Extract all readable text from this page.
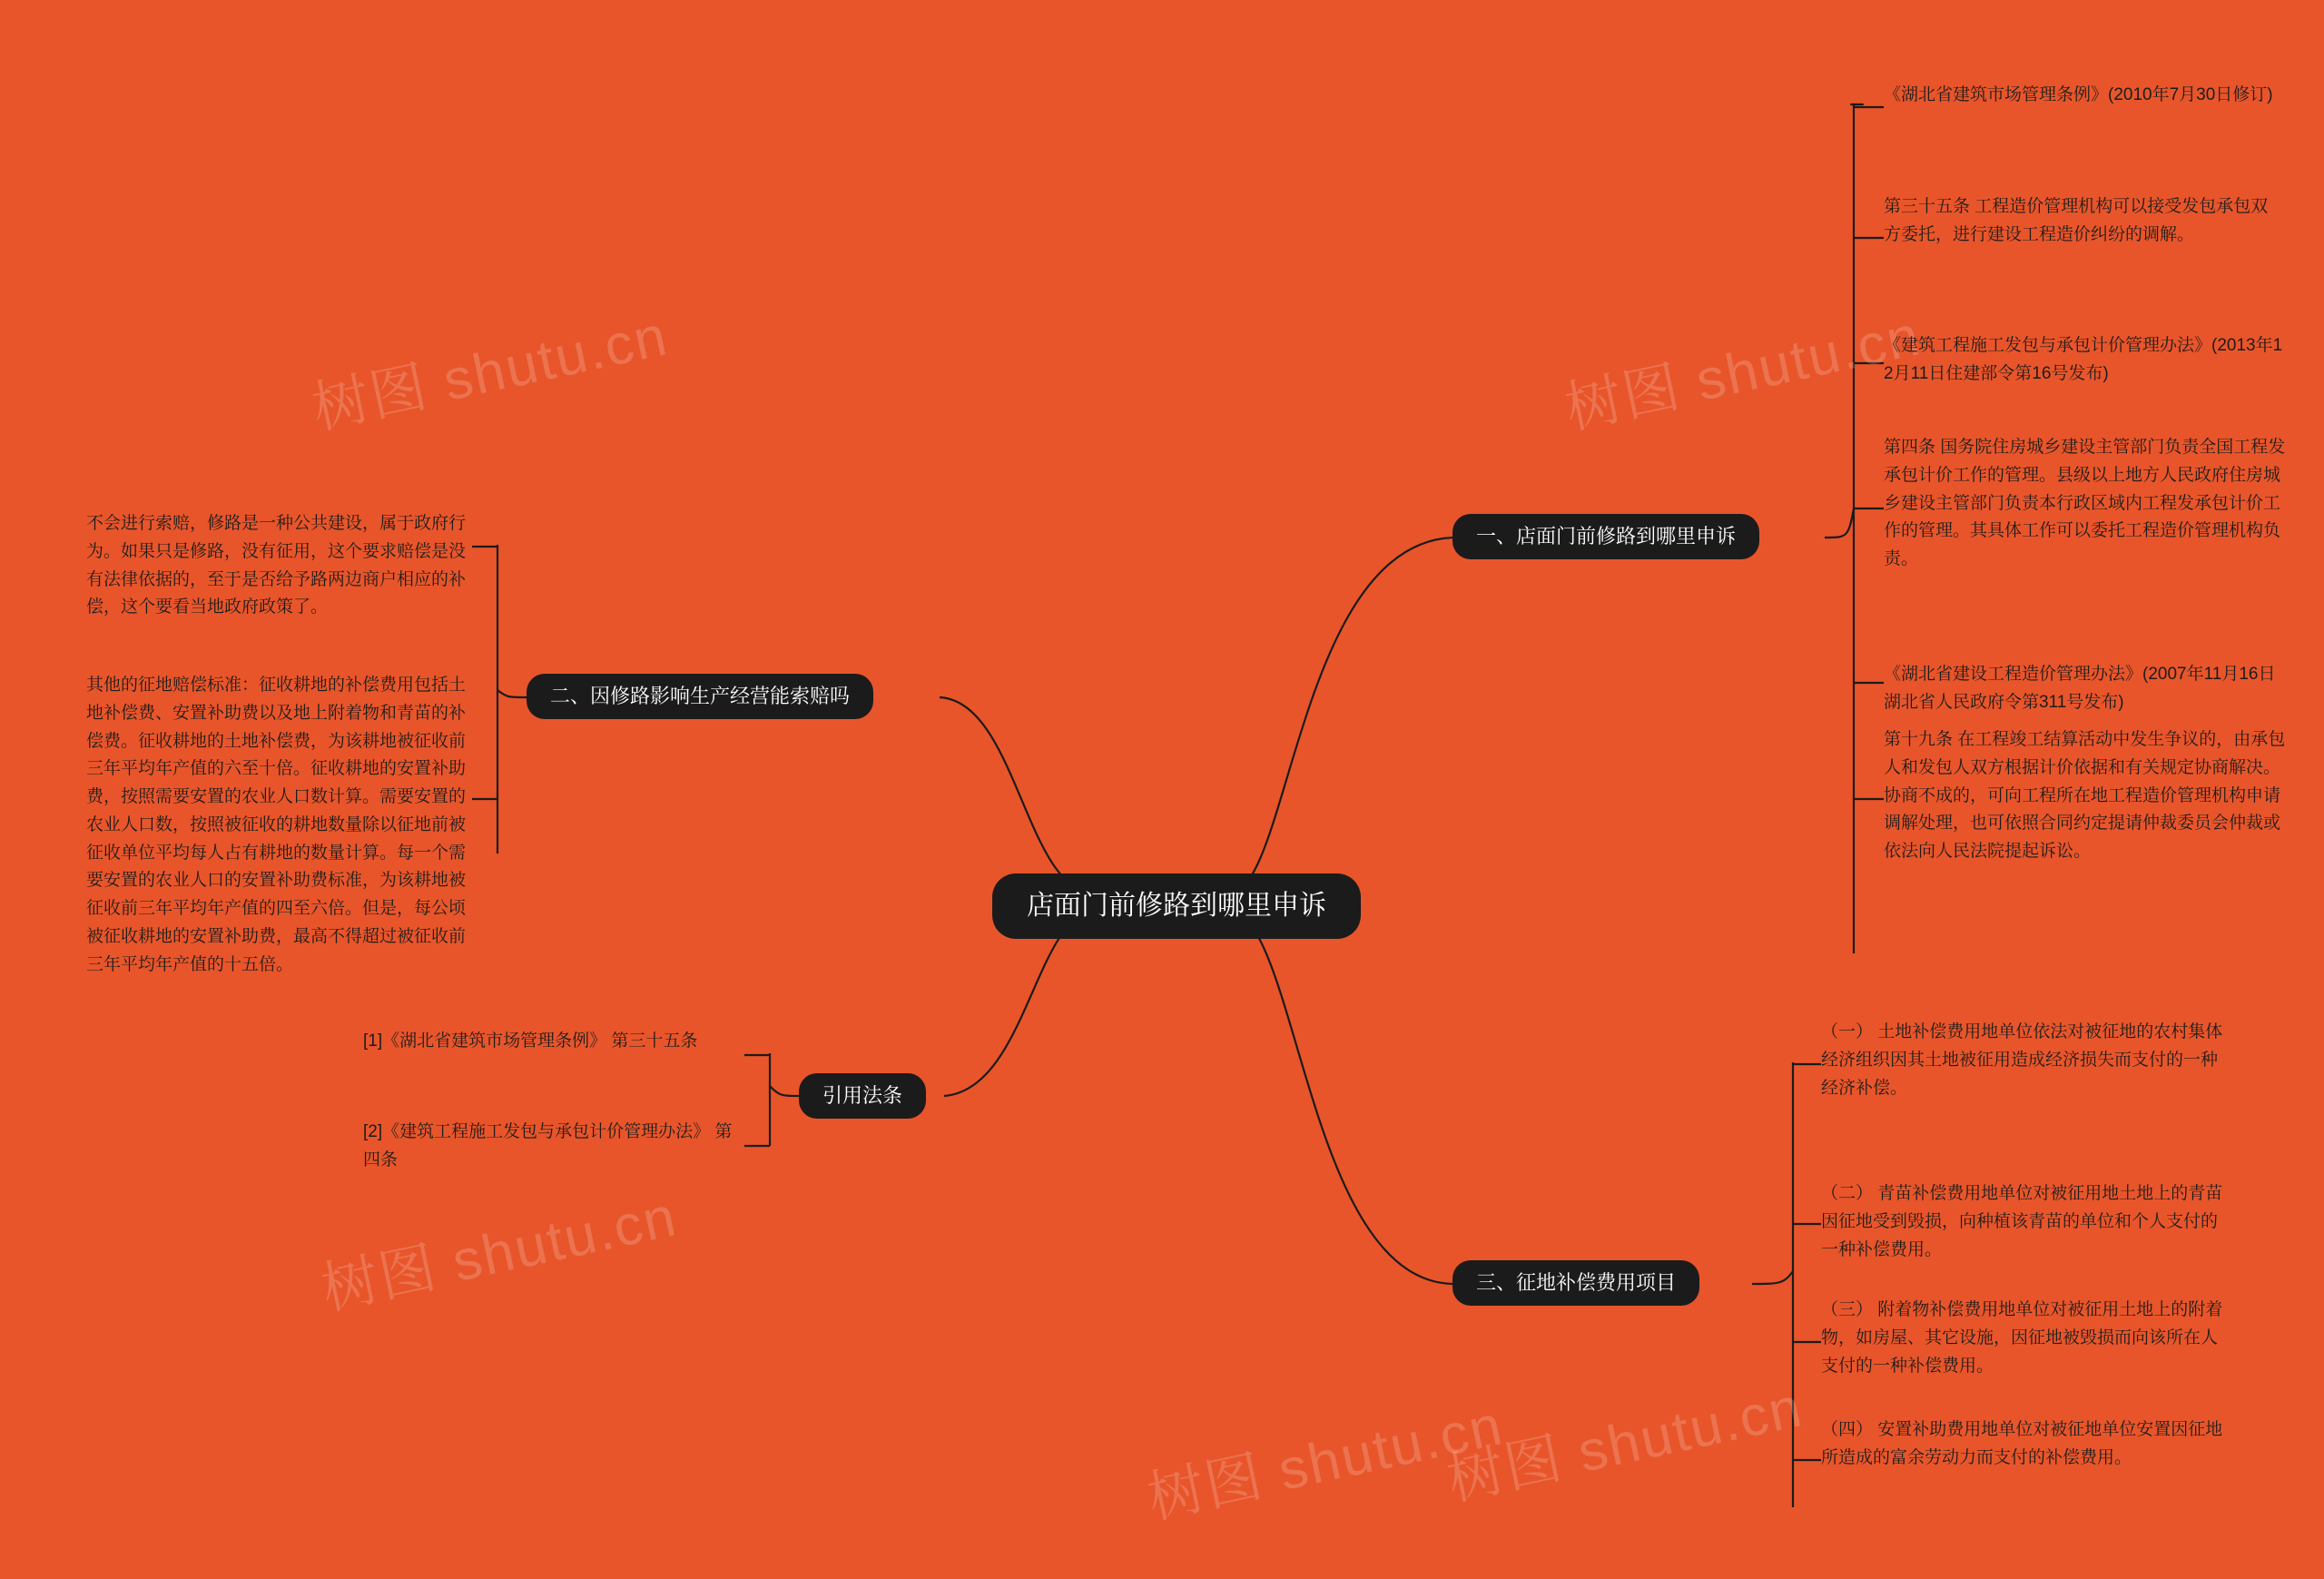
树图 shutu.cn	树图 shutu.cn
树图 shutu.cn
树图 shutu.cn
树图 shutu.cn
店面门前修路到哪里申诉
一、店面门前修路到哪里申诉
《湖北省建筑市场管理条例》(2010年7月30日修订)
第三十五条 工程造价管理机构可以接受发包承包双方委托，进行建设工程造价纠纷的调解。
《建筑工程施工发包与承包计价管理办法》(2013年12月11日住建部令第16号发布)
第四条 国务院住房城乡建设主管部门负责全国工程发承包计价工作的管理。县级以上地方人民政府住房城乡建设主管部门负责本行政区域内工程发承包计价工作的管理。其具体工作可以委托工程造价管理机构负责。
《湖北省建设工程造价管理办法》(2007年11月16日湖北省人民政府令第311号发布)
第十九条 在工程竣工结算活动中发生争议的，由承包人和发包人双方根据计价依据和有关规定协商解决。协商不成的，可向工程所在地工程造价管理机构申请调解处理，也可依照合同约定提请仲裁委员会仲裁或依法向人民法院提起诉讼。
二、因修路影响生产经营能索赔吗
不会进行索赔，修路是一种公共建设，属于政府行为。如果只是修路，没有征用，这个要求赔偿是没有法律依据的，至于是否给予路两边商户相应的补偿，这个要看当地政府政策了。
其他的征地赔偿标准：征收耕地的补偿费用包括土地补偿费、安置补助费以及地上附着物和青苗的补偿费。征收耕地的土地补偿费，为该耕地被征收前三年平均年产值的六至十倍。征收耕地的安置补助费，按照需要安置的农业人口数计算。需要安置的农业人口数，按照被征收的耕地数量除以征地前被征收单位平均每人占有耕地的数量计算。每一个需要安置的农业人口的安置补助费标准，为该耕地被征收前三年平均年产值的四至六倍。但是，每公顷被征收耕地的安置补助费，最高不得超过被征收前三年平均年产值的十五倍。
引用法条
[1]《湖北省建筑市场管理条例》 第三十五条
[2]《建筑工程施工发包与承包计价管理办法》 第四条
三、征地补偿费用项目
（一） 土地补偿费用地单位依法对被征地的农村集体经济组织因其土地被征用造成经济损失而支付的一种经济补偿。
（二） 青苗补偿费用地单位对被征用地土地上的青苗因征地受到毁损，向种植该青苗的单位和个人支付的一种补偿费用。
（三） 附着物补偿费用地单位对被征用土地上的附着物，如房屋、其它设施，因征地被毁损而向该所在人支付的一种补偿费用。
（四） 安置补助费用地单位对被征地单位安置因征地所造成的富余劳动力而支付的补偿费用。
